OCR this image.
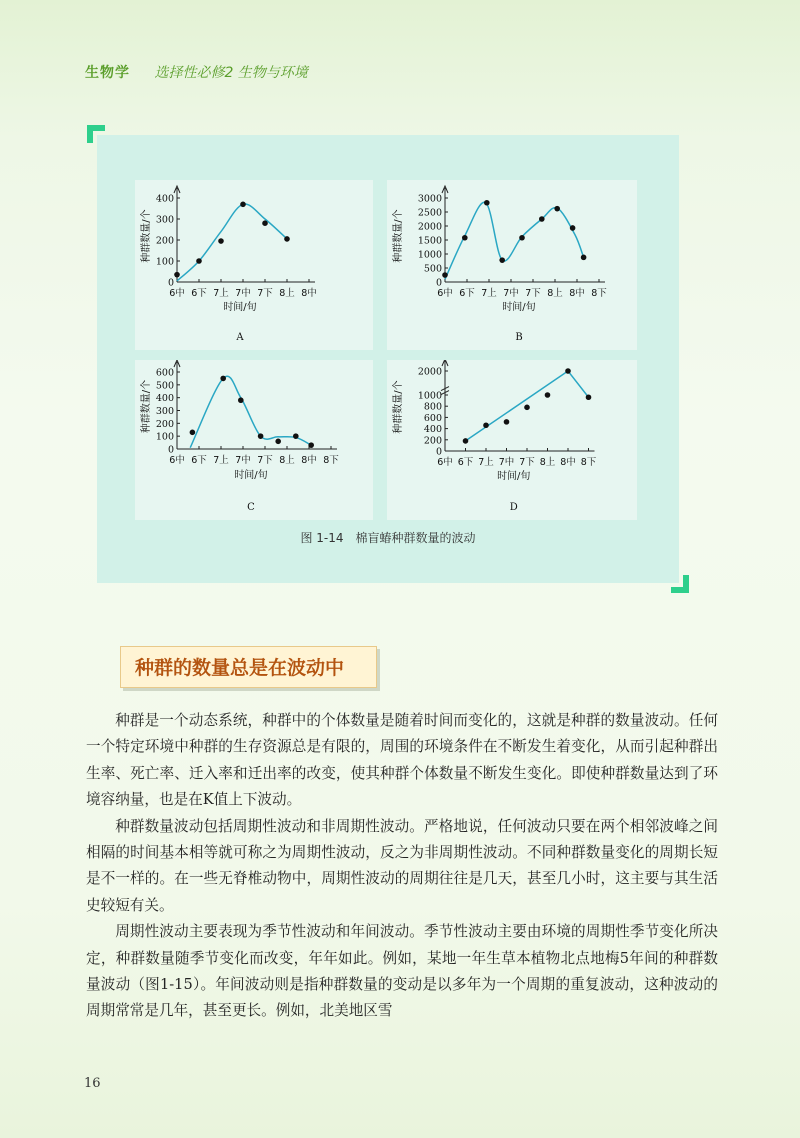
生物学 选择性必修2 生物与环境
0
100
200
300
400
6中 6下 7上 7中 7下 8上 8中
时间/旬
种群数量/个
A
0
500
1000
1500
2000
2500
3000
6中 6下 7上 7中 7下 8上 8中 8下
时间/旬
种群数量/个
B
0
100
200
300
400
500
600
6中 6下 7上 7中 7下 8上 8中 8下
时间/旬
种群数量/个
C
0
200
400
600
800
1000
2000
6中 6下 7上 7中 7下 8上 8中 8下
时间/旬
种群数量/个
D
图 1-14　棉盲蝽种群数量的波动
种群的数量总是在波动中

种群是一个动态系统，种群中的个体数量是随着时间而变化的，这就是种群的数量波动。任何一个特定环境中种群的生存资源总是有限的，周围的环境条件在不断发生着变化，从而引起种群出生率、死亡率、迁入率和迁出率的改变，使其种群个体数量不断发生变化。即使种群数量达到了环境容纳量，也是在K值上下波动。

种群数量波动包括周期性波动和非周期性波动。严格地说，任何波动只要在两个相邻波峰之间相隔的时间基本相等就可称之为周期性波动，反之为非周期性波动。不同种群数量变化的周期长短是不一样的。在一些无脊椎动物中，周期性波动的周期往往是几天，甚至几小时，这主要与其生活史较短有关。

周期性波动主要表现为季节性波动和年间波动。季节性波动主要由环境的周期性季节变化所决定，种群数量随季节变化而改变，年年如此。例如，某地一年生草本植物北点地梅5年间的种群数量波动（图1-15）。年间波动则是指种群数量的变动是以多年为一个周期的重复波动，这种波动的周期常常是几年，甚至更长。例如，北美地区雪

16
